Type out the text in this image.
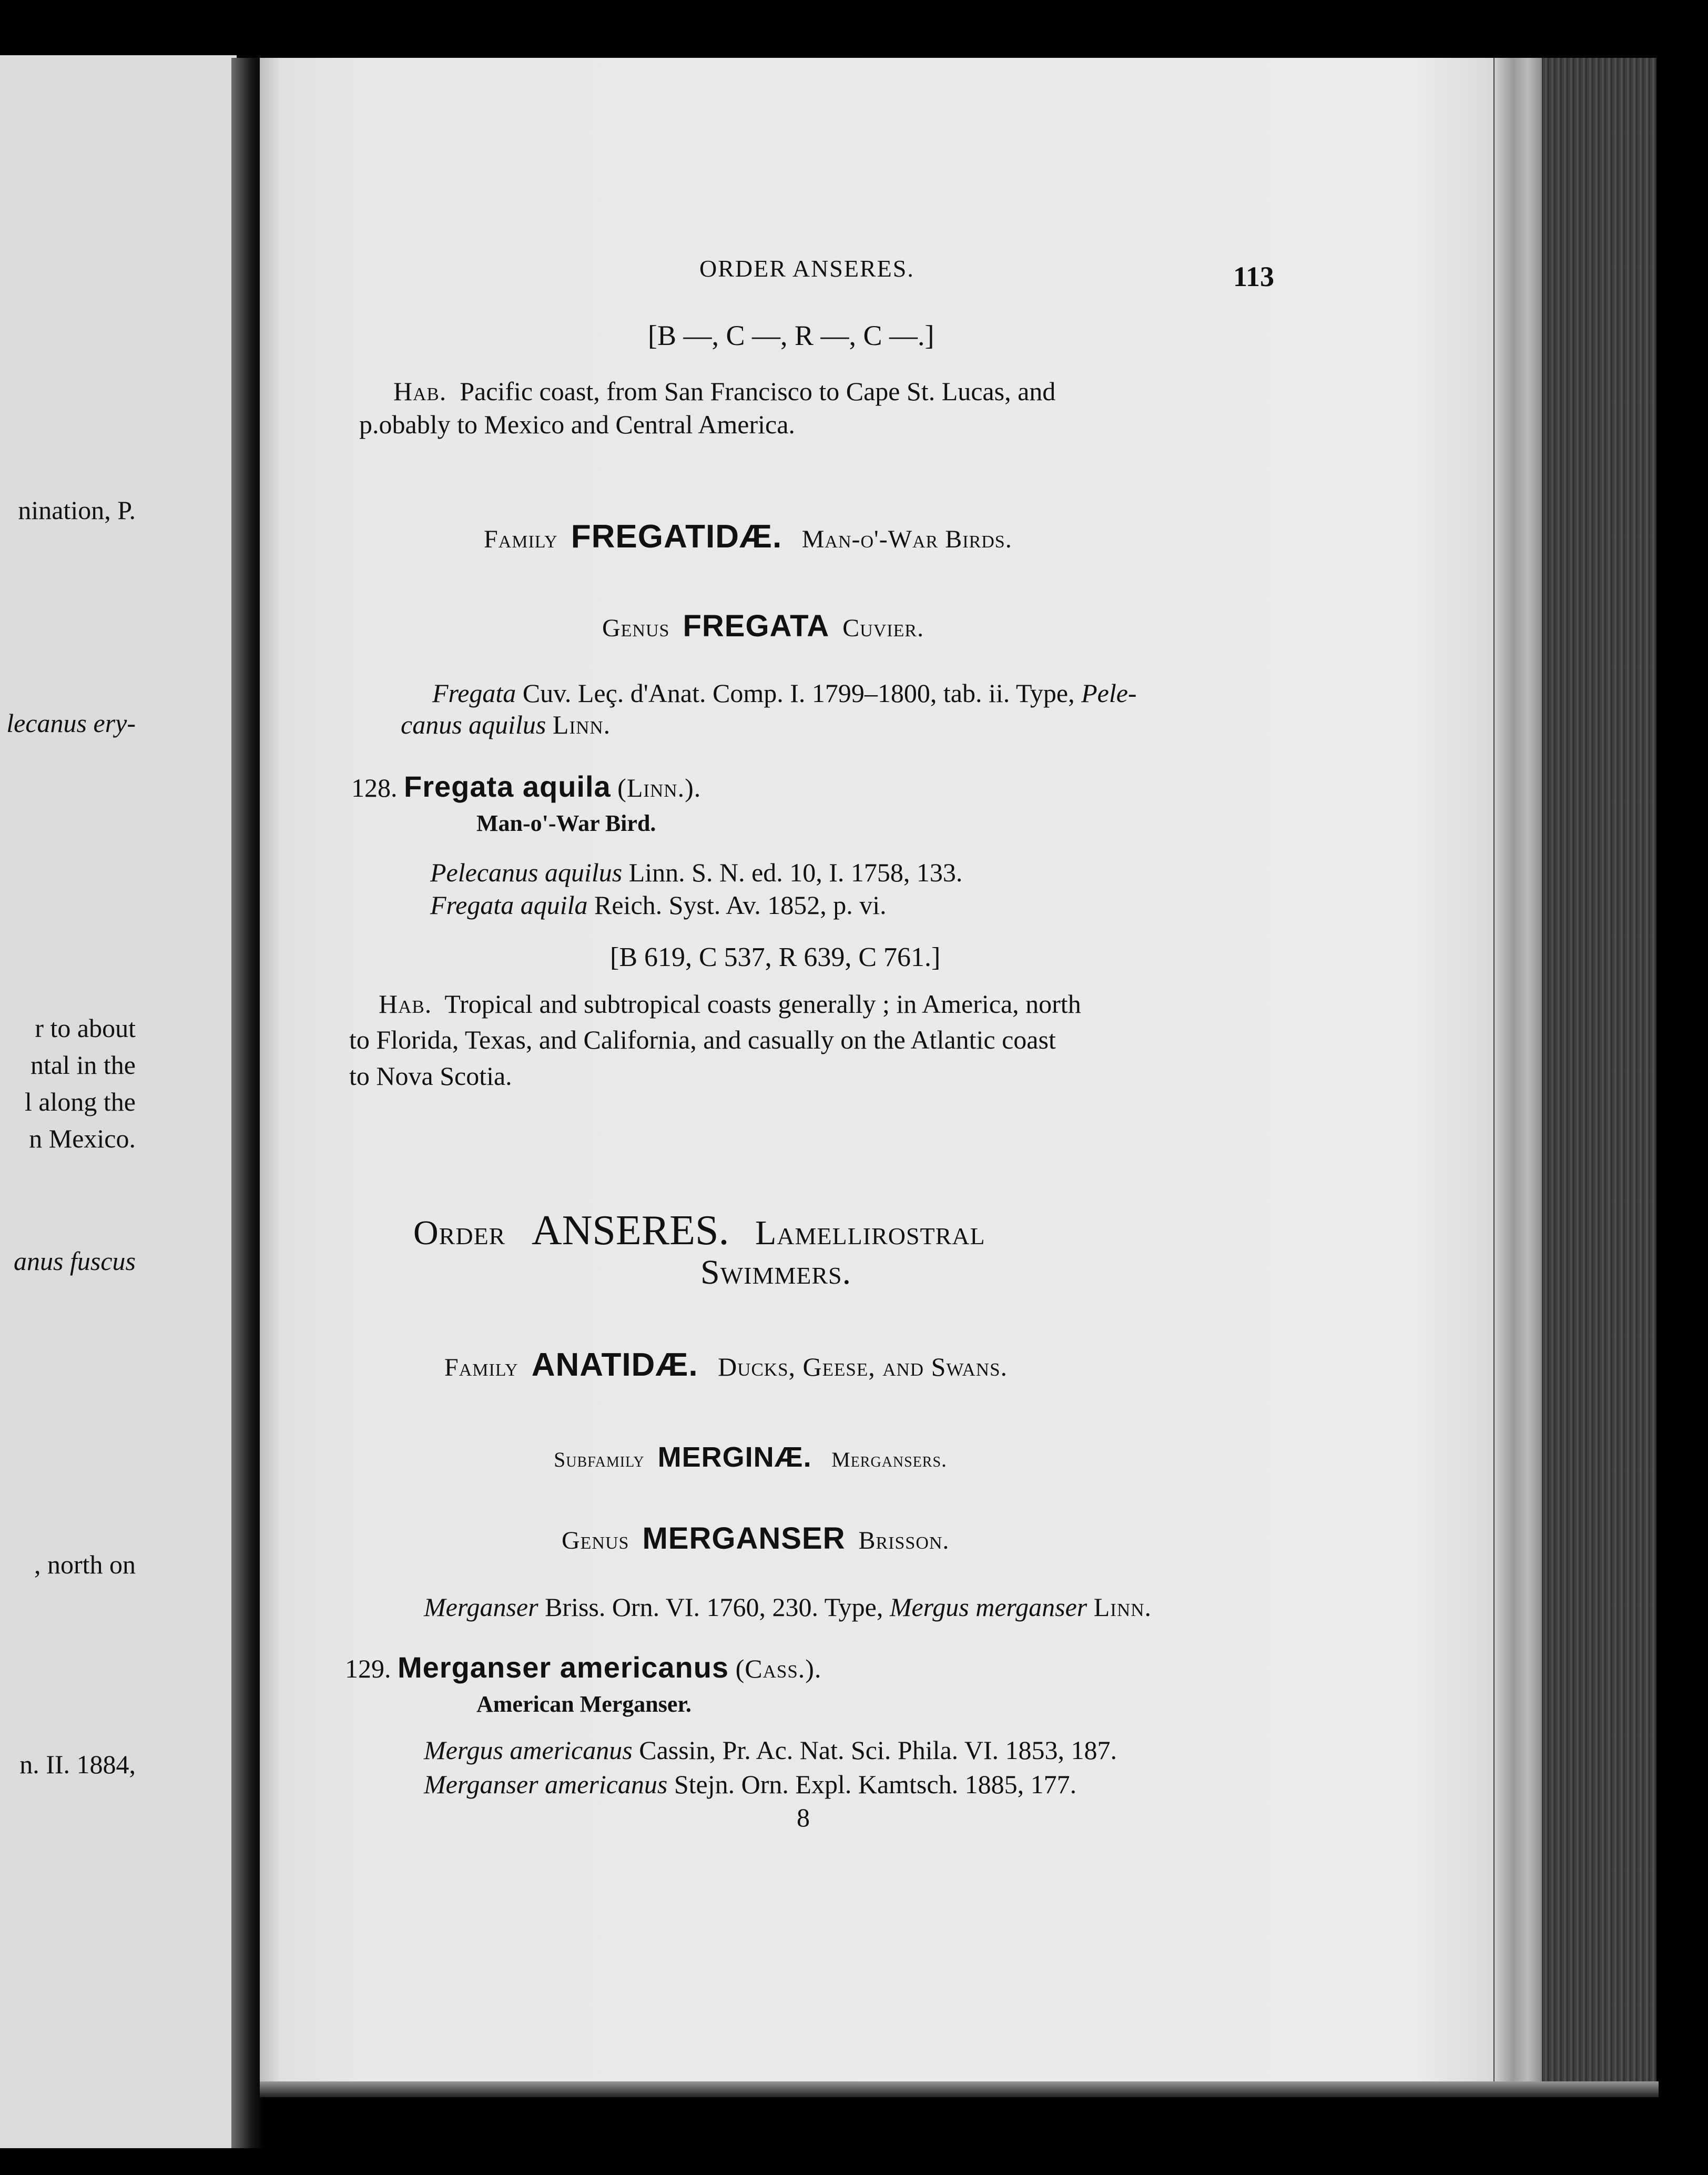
nination, P.
lecanus ery-
r to about
ntal in the
l along the
n Mexico.
anus fuscus
, north on
n. II. 1884,
ORDER ANSERES.	113
[B —, C —, R —, C —.]
Hab. Pacific coast, from San Francisco to Cape St. Lucas, and
p.obably to Mexico and Central America.
Family FREGATIDÆ. Man-o'-War Birds.
Genus FREGATA Cuvier.
Fregata Cuv. Leç. d'Anat. Comp. I. 1799–1800, tab. ii. Type, Pele-
canus aquilus Linn.
128. Fregata aquila (Linn.).
Man-o'-War Bird.
Pelecanus aquilus Linn. S. N. ed. 10, I. 1758, 133.
Fregata aquila Reich. Syst. Av. 1852, p. vi.
[B 619, C 537, R 639, C 761.]
Hab. Tropical and subtropical coasts generally ; in America, north
to Florida, Texas, and California, and casually on the Atlantic coast
to Nova Scotia.
Order ANSERES. Lamellirostral
Swimmers.
Family ANATIDÆ. Ducks, Geese, and Swans.
Subfamily MERGINÆ. Mergansers.
Genus MERGANSER Brisson.
Merganser Briss. Orn. VI. 1760, 230. Type, Mergus merganser Linn.
129. Merganser americanus (Cass.).
American Merganser.
Mergus americanus Cassin, Pr. Ac. Nat. Sci. Phila. VI. 1853, 187.
Merganser americanus Stejn. Orn. Expl. Kamtsch. 1885, 177.
8
